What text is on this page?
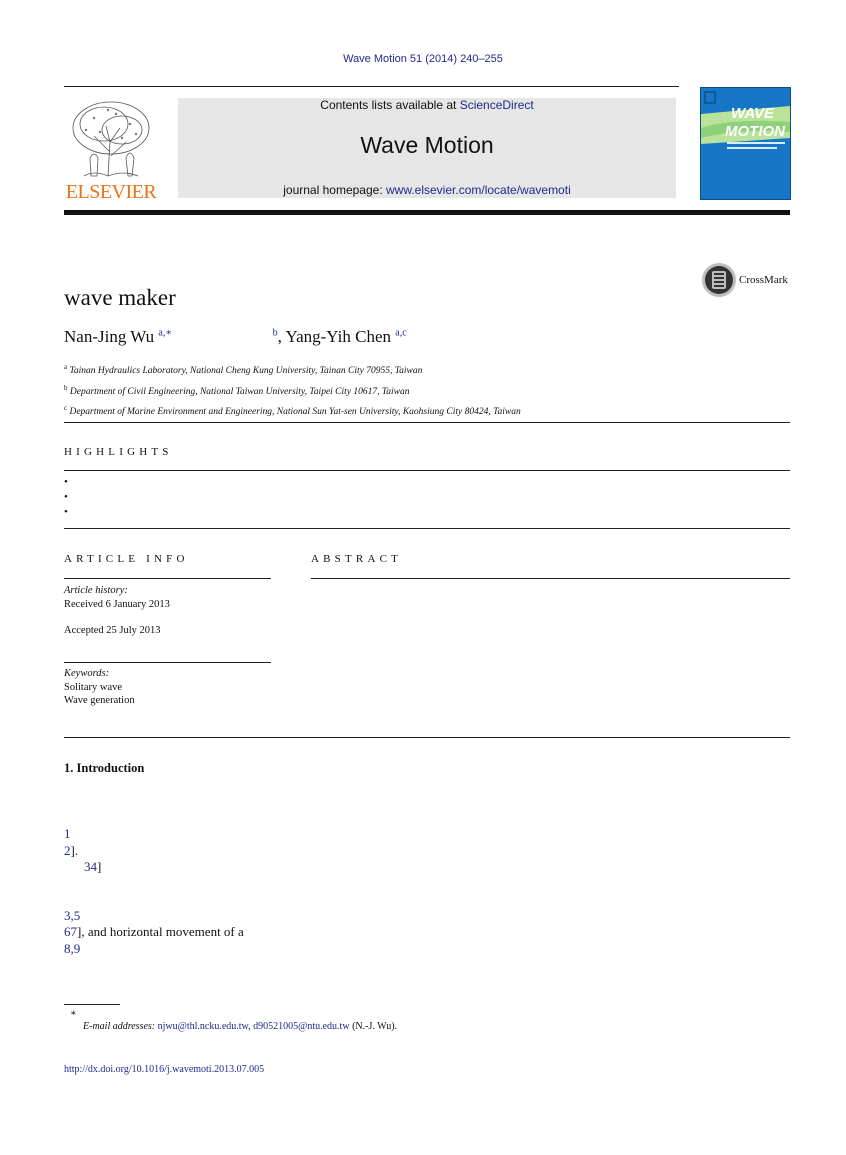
Wave Motion 51 (2014) 240–255
ELSEVIER
Contents lists available at ScienceDirect
Wave Motion
journal homepage: www.elsevier.com/locate/wavemoti
WAVE
MOTION
CrossMark
wave maker
Nan-Jing Wu $^{a,∗}$	$^b$, Yang-Yih Chen $^{a,c}$
$^a$ Tainan Hydraulics Laboratory, National Cheng Kung University, Tainan City 70955, Taiwan
$^b$ Department of Civil Engineering, National Taiwan University, Taipei City 10617, Taiwan
$^c$ Department of Marine Environment and Engineering, National Sun Yat-sen University, Kaohsiung City 80424, Taiwan
HIGHLIGHTS
•
•
•
ARTICLE INFO
Article history:
Received 6 January 2013
Accepted 25 July 2013
Keywords:
Solitary wave
Wave generation
ABSTRACT
1. Introduction
1
2].
34]
3,5
67], and horizontal movement of a
8,9
∗
E-mail addresses: njwu@thl.ncku.edu.tw, d90521005@ntu.edu.tw (N.-J. Wu).
http://dx.doi.org/10.1016/j.wavemoti.2013.07.005
